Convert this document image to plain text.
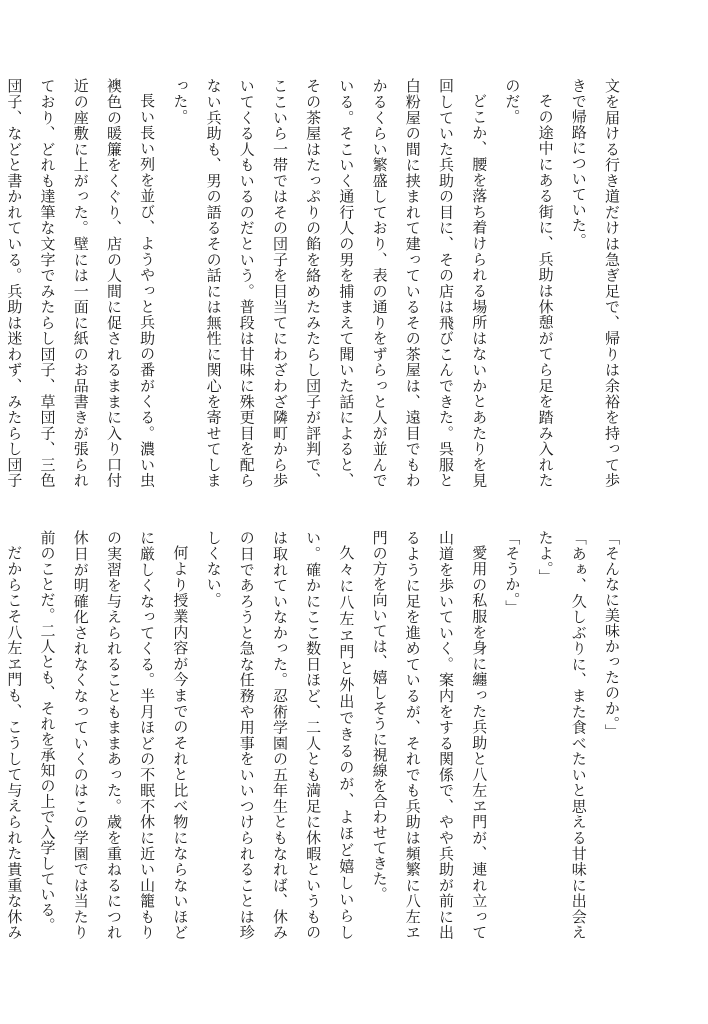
文を届ける行き道だけは急ぎ足で、帰りは余裕を持って歩きで帰路についていた。

その途中にある街に、兵助は休憩がてら足を踏み入れたのだ。

どこか、腰を落ち着けられる場所はないかとあたりを見回していた兵助の目に、その店は飛びこんできた。呉服と白粉屋の間に挟まれて建っているその茶屋は、遠目でもわかるくらい繁盛しており、表の通りをずらっと人が並んでいる。そこいく通行人の男を捕まえて聞いた話によると、その茶屋はたっぷりの餡を絡めたみたらし団子が評判で、ここいら一帯ではその団子を目当てにわざわざ隣町から歩いてくる人もいるのだという。普段は甘味に殊更目を配らない兵助も、男の語るその話には無性に関心を寄せてしまった。

長い長い列を並び、ようやっと兵助の番がくる。濃い虫襖色の暖簾をくぐり、店の人間に促されるままに入り口付近の座敷に上がった。壁には一面に紙のお品書きが張られており、どれも達筆な文字でみたらし団子、草団子、三色団子、などと書かれている。兵助は迷わず、みたらし団子

「そんなに美味かったのか。」

「あぁ、久しぶりに、また食べたいと思える甘味に出会えたよ。」

「そうか。」

愛用の私服を身に纏った兵助と八左ヱ門が、連れ立って山道を歩いていく。案内をする関係で、やや兵助が前に出るように足を進めているが、それでも兵助は頻繁に八左ヱ門の方を向いては、嬉しそうに視線を合わせてきた。

久々に八左ヱ門と外出できるのが、よほど嬉しいらしい。確かにここ数日ほど、二人とも満足に休暇というものは取れていなかった。忍術学園の五年生ともなれば、休みの日であろうと急な任務や用事をいいつけられることは珍しくない。

何より授業内容が今までのそれと比べ物にならないほどに厳しくなってくる。半月ほどの不眠不休に近い山籠もりの実習を与えられることもままあった。歳を重ねるにつれ休日が明確化されなくなっていくのはこの学園では当たり前のことだ。二人とも、それを承知の上で入学している。

だからこそ八左ヱ門も、こうして与えられた貴重な休み
